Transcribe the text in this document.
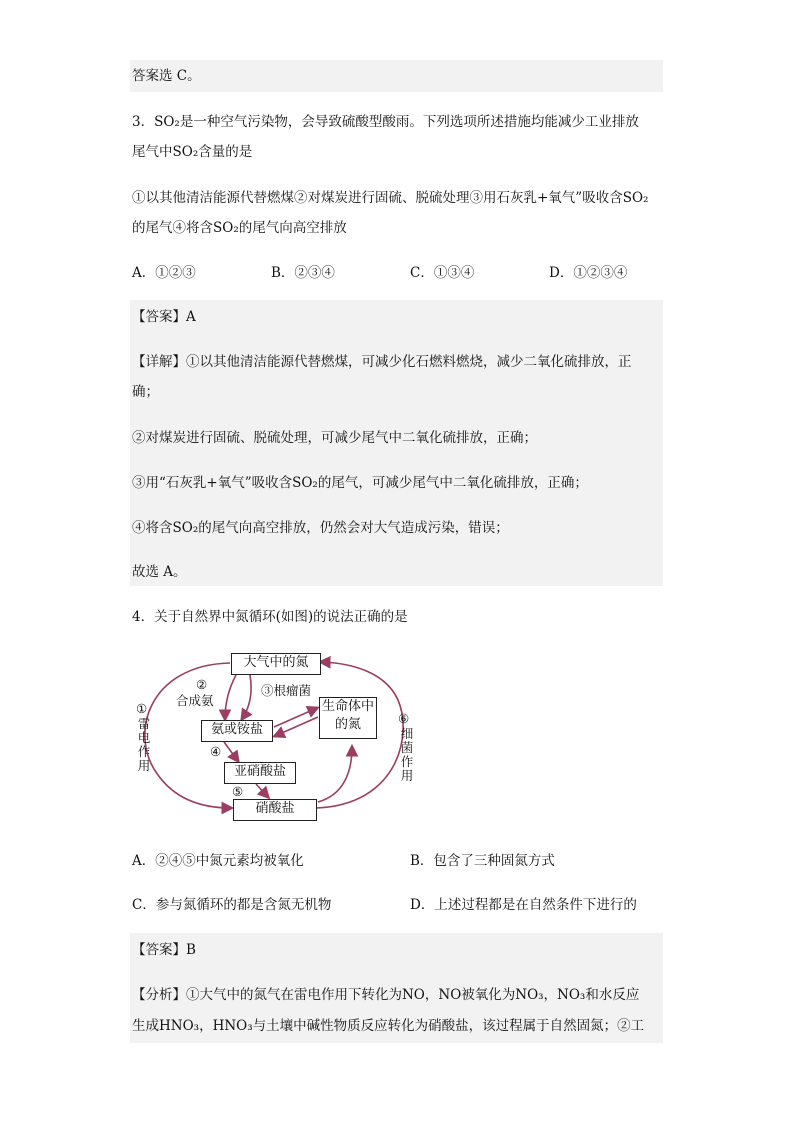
答案选 C。
3．SO₂是一种空气污染物，会导致硫酸型酸雨。下列选项所述措施均能减少工业排放
尾气中SO₂含量的是
①以其他清洁能源代替燃煤②对煤炭进行固硫、脱硫处理③用石灰乳+氧气”吸收含SO₂
的尾气④将含SO₂的尾气向高空排放
A．①②③	B．②③④	C．①③④	D．①②③④
【答案】A
【详解】①以其他清洁能源代替燃煤，可减少化石燃料燃烧，减少二氧化硫排放，正
确；
②对煤炭进行固硫、脱硫处理，可减少尾气中二氧化硫排放，正确；
③用“石灰乳+氧气”吸收含SO₂的尾气，可减少尾气中二氧化硫排放，正确；
④将含SO₂的尾气向高空排放，仍然会对大气造成污染，错误；
故选 A。
4．关于自然界中氮循环(如图)的说法正确的是
大气中的氮
氨或铵盐
生命体中的氮
亚硝酸盐
硝酸盐
②
合成氨
③根瘤菌
④
⑤
①
雷电作用
⑥
细菌作用
A．②④⑤中氮元素均被氧化	B．包含了三种固氮方式
C．参与氮循环的都是含氮无机物	D．上述过程都是在自然条件下进行的
【答案】B
【分析】①大气中的氮气在雷电作用下转化为NO，NO被氧化为NO₃，NO₃和水反应
生成HNO₃，HNO₃与土壤中碱性物质反应转化为硝酸盐，该过程属于自然固氮；②工
